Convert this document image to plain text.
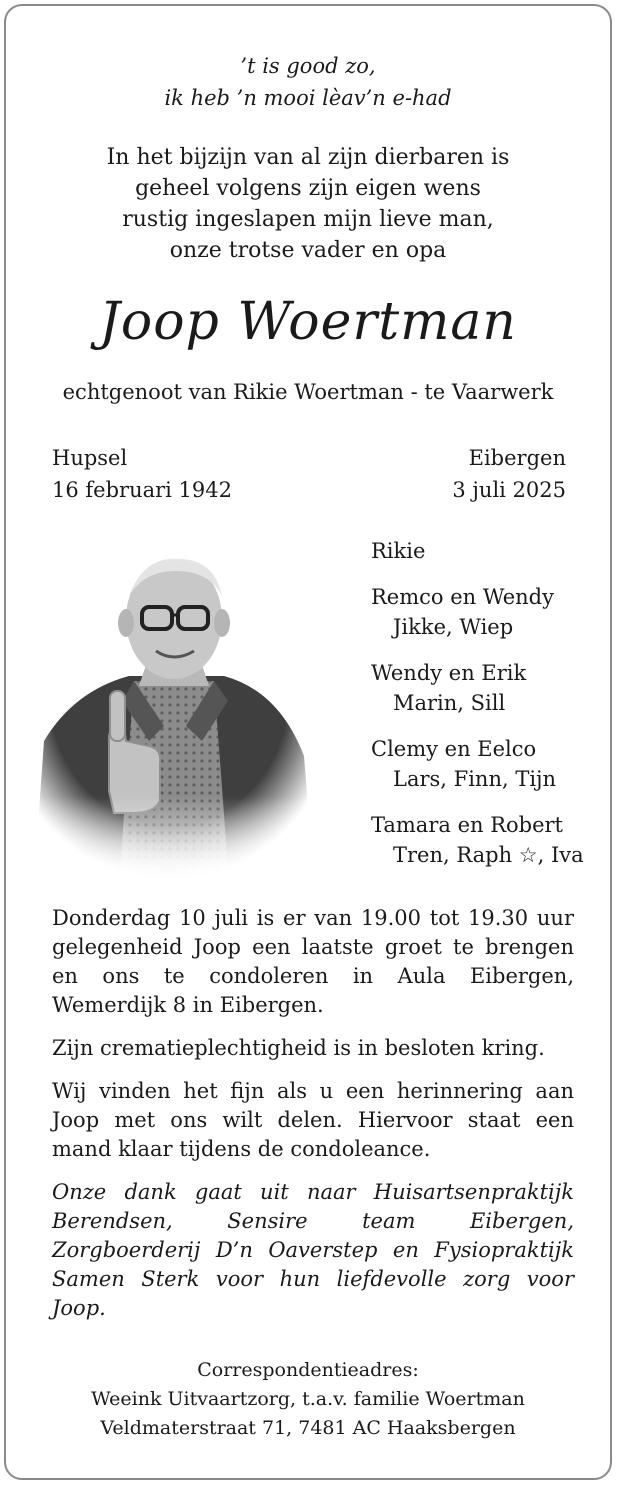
’t is good zo,
ik heb ’n mooi lèav’n e-had
In het bijzijn van al zijn dierbaren is
geheel volgens zijn eigen wens
rustig ingeslapen mijn lieve man,
onze trotse vader en opa
Joop Woertman
echtgenoot van Rikie Woertman - te Vaarwerk
Hupsel
16 februari 1942
Eibergen
3 juli 2025
Rikie
Remco en Wendy
Jikke, Wiep
Wendy en Erik
Marin, Sill
Clemy en Eelco
Lars, Finn, Tijn
Tamara en Robert
Tren, Raph ☆, Iva

Donderdag 10 juli is er van 19.00 tot 19.30 uur gelegenheid Joop een laatste groet te brengen en ons te condoleren in Aula Eibergen, Wemerdijk 8 in Eibergen.

Zijn crematieplechtigheid is in besloten kring.

Wij vinden het fijn als u een herinnering aan Joop met ons wilt delen. Hiervoor staat een mand klaar tijdens de condoleance.

Onze dank gaat uit naar Huisartsenpraktijk Berendsen, Sensire team Eibergen, Zorgboerderij D’n Oaverstep en Fysiopraktijk Samen Sterk voor hun liefdevolle zorg voor Joop.

Correspondentieadres:
Weeink Uitvaartzorg, t.a.v. familie Woertman
Veldmaterstraat 71, 7481 AC Haaksbergen
